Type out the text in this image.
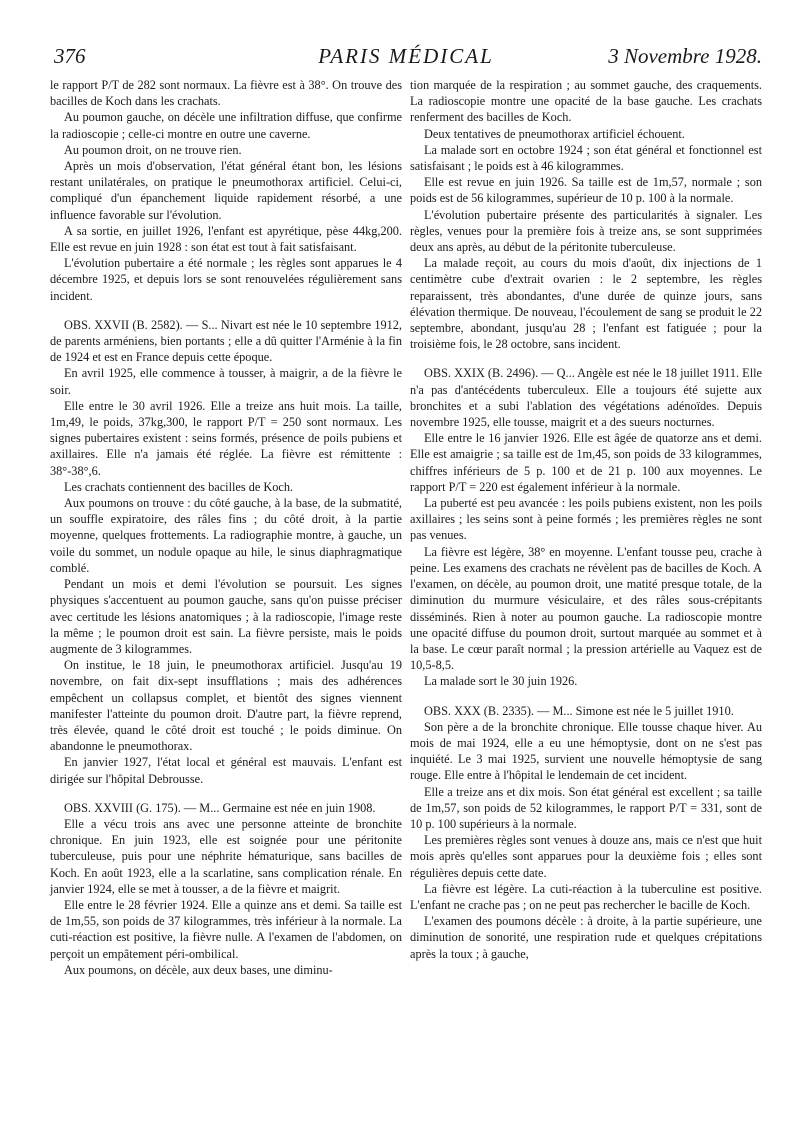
376	PARIS MÉDICAL	3 Novembre 1928.

le rapport P/T de 282 sont normaux. La fièvre est à 38°. On trouve des bacilles de Koch dans les crachats.

Au poumon gauche, on décèle une infiltration diffuse, que confirme la radioscopie ; celle-ci montre en outre une caverne.

Au poumon droit, on ne trouve rien.

Après un mois d'observation, l'état général étant bon, les lésions restant unilatérales, on pratique le pneumothorax artificiel. Celui-ci, compliqué d'un épanchement liquide rapidement résorbé, a une influence favorable sur l'évolution.

A sa sortie, en juillet 1926, l'enfant est apyrétique, pèse 44kg,200. Elle est revue en juin 1928 : son état est tout à fait satisfaisant.

L'évolution pubertaire a été normale ; les règles sont apparues le 4 décembre 1925, et depuis lors se sont renouvelées régulièrement sans incident.

OBS. XXVII (B. 2582). — S... Nivart est née le 10 septembre 1912, de parents arméniens, bien portants ; elle a dû quitter l'Arménie à la fin de 1924 et est en France depuis cette époque.

En avril 1925, elle commence à tousser, à maigrir, a de la fièvre le soir.

Elle entre le 30 avril 1926. Elle a treize ans huit mois. La taille, 1m,49, le poids, 37kg,300, le rapport P/T = 250 sont normaux. Les signes pubertaires existent : seins formés, présence de poils pubiens et axillaires. Elle n'a jamais été réglée. La fièvre est rémittente : 38°-38°,6.

Les crachats contiennent des bacilles de Koch.

Aux poumons on trouve : du côté gauche, à la base, de la submatité, un souffle expiratoire, des râles fins ; du côté droit, à la partie moyenne, quelques frottements. La radiographie montre, à gauche, un voile du sommet, un nodule opaque au hile, le sinus diaphragmatique comblé.

Pendant un mois et demi l'évolution se poursuit. Les signes physiques s'accentuent au poumon gauche, sans qu'on puisse préciser avec certitude les lésions anatomiques ; à la radioscopie, l'image reste la même ; le poumon droit est sain. La fièvre persiste, mais le poids augmente de 3 kilogrammes.

On institue, le 18 juin, le pneumothorax artificiel. Jusqu'au 19 novembre, on fait dix-sept insufflations ; mais des adhérences empêchent un collapsus complet, et bientôt des signes viennent manifester l'atteinte du poumon droit. D'autre part, la fièvre reprend, très élevée, quand le côté droit est touché ; le poids diminue. On abandonne le pneumothorax.

En janvier 1927, l'état local et général est mauvais. L'enfant est dirigée sur l'hôpital Debrousse.

OBS. XXVIII (G. 175). — M... Germaine est née en juin 1908.

Elle a vécu trois ans avec une personne atteinte de bronchite chronique. En juin 1923, elle est soignée pour une péritonite tuberculeuse, puis pour une néphrite hématurique, sans bacilles de Koch. En août 1923, elle a la scarlatine, sans complication rénale. En janvier 1924, elle se met à tousser, a de la fièvre et maigrit.

Elle entre le 28 février 1924. Elle a quinze ans et demi. Sa taille est de 1m,55, son poids de 37 kilogrammes, très inférieur à la normale. La cuti-réaction est positive, la fièvre nulle. A l'examen de l'abdomen, on perçoit un empâtement péri-ombilical.

Aux poumons, on décèle, aux deux bases, une diminu-

tion marquée de la respiration ; au sommet gauche, des craquements. La radioscopie montre une opacité de la base gauche. Les crachats renferment des bacilles de Koch.

Deux tentatives de pneumothorax artificiel échouent.

La malade sort en octobre 1924 ; son état général et fonctionnel est satisfaisant ; le poids est à 46 kilogrammes.

Elle est revue en juin 1926. Sa taille est de 1m,57, normale ; son poids est de 56 kilogrammes, supérieur de 10 p. 100 à la normale.

L'évolution pubertaire présente des particularités à signaler. Les règles, venues pour la première fois à treize ans, se sont supprimées deux ans après, au début de la péritonite tuberculeuse.

La malade reçoit, au cours du mois d'août, dix injections de 1 centimètre cube d'extrait ovarien : le 2 septembre, les règles reparaissent, très abondantes, d'une durée de quinze jours, sans élévation thermique. De nouveau, l'écoulement de sang se produit le 22 septembre, abondant, jusqu'au 28 ; l'enfant est fatiguée ; pour la troisième fois, le 28 octobre, sans incident.

OBS. XXIX (B. 2496). — Q... Angèle est née le 18 juillet 1911. Elle n'a pas d'antécédents tuberculeux. Elle a toujours été sujette aux bronchites et a subi l'ablation des végétations adénoïdes. Depuis novembre 1925, elle tousse, maigrit et a des sueurs nocturnes.

Elle entre le 16 janvier 1926. Elle est âgée de quatorze ans et demi. Elle est amaigrie ; sa taille est de 1m,45, son poids de 33 kilogrammes, chiffres inférieurs de 5 p. 100 et de 21 p. 100 aux moyennes. Le rapport P/T = 220 est également inférieur à la normale.

La puberté est peu avancée : les poils pubiens existent, non les poils axillaires ; les seins sont à peine formés ; les premières règles ne sont pas venues.

La fièvre est légère, 38° en moyenne. L'enfant tousse peu, crache à peine. Les examens des crachats ne révèlent pas de bacilles de Koch. A l'examen, on décèle, au poumon droit, une matité presque totale, de la diminution du murmure vésiculaire, et des râles sous-crépitants disséminés. Rien à noter au poumon gauche. La radioscopie montre une opacité diffuse du poumon droit, surtout marquée au sommet et à la base. Le cœur paraît normal ; la pression artérielle au Vaquez est de 10,5-8,5.

La malade sort le 30 juin 1926.

OBS. XXX (B. 2335). — M... Simone est née le 5 juillet 1910.

Son père a de la bronchite chronique. Elle tousse chaque hiver. Au mois de mai 1924, elle a eu une hémoptysie, dont on ne s'est pas inquiété. Le 3 mai 1925, survient une nouvelle hémoptysie de sang rouge. Elle entre à l'hôpital le lendemain de cet incident.

Elle a treize ans et dix mois. Son état général est excellent ; sa taille de 1m,57, son poids de 52 kilogrammes, le rapport P/T = 331, sont de 10 p. 100 supérieurs à la normale.

Les premières règles sont venues à douze ans, mais ce n'est que huit mois après qu'elles sont apparues pour la deuxième fois ; elles sont régulières depuis cette date.

La fièvre est légère. La cuti-réaction à la tuberculine est positive. L'enfant ne crache pas ; on ne peut pas rechercher le bacille de Koch.

L'examen des poumons décèle : à droite, à la partie supérieure, une diminution de sonorité, une respiration rude et quelques crépitations après la toux ; à gauche,
